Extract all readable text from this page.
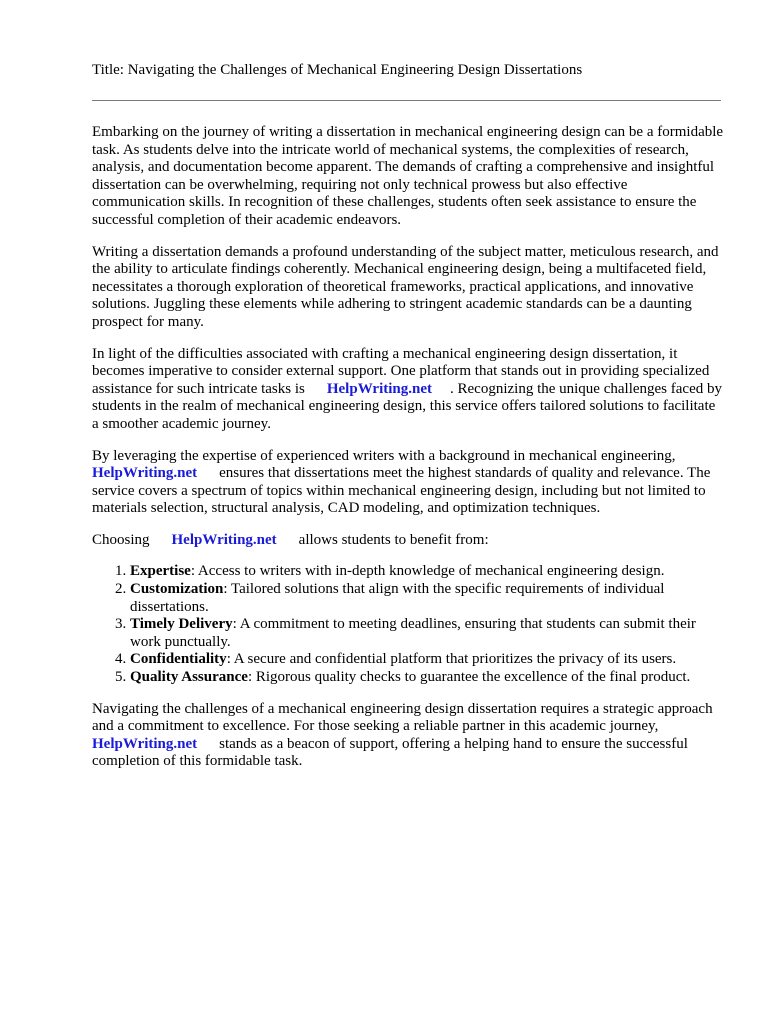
Title: Navigating the Challenges of Mechanical Engineering Design Dissertations

Embarking on the journey of writing a dissertation in mechanical engineering design can be a formidable task. As students delve into the intricate world of mechanical systems, the complexities of research, analysis, and documentation become apparent. The demands of crafting a comprehensive and insightful dissertation can be overwhelming, requiring not only technical prowess but also effective communication skills. In recognition of these challenges, students often seek assistance to ensure the successful completion of their academic endeavors.

Writing a dissertation demands a profound understanding of the subject matter, meticulous research, and the ability to articulate findings coherently. Mechanical engineering design, being a multifaceted field, necessitates a thorough exploration of theoretical frameworks, practical applications, and innovative solutions. Juggling these elements while adhering to stringent academic standards can be a daunting prospect for many.

In light of the difficulties associated with crafting a mechanical engineering design dissertation, it becomes imperative to consider external support. One platform that stands out in providing specialized assistance for such intricate tasks is HelpWriting.net . Recognizing the unique challenges faced by students in the realm of mechanical engineering design, this service offers tailored solutions to facilitate a smoother academic journey.

By leveraging the expertise of experienced writers with a background in mechanical engineering, HelpWriting.net ensures that dissertations meet the highest standards of quality and relevance. The service covers a spectrum of topics within mechanical engineering design, including but not limited to materials selection, structural analysis, CAD modeling, and optimization techniques.

Choosing HelpWriting.net allows students to benefit from:

1. Expertise: Access to writers with in-depth knowledge of mechanical engineering design.
2. Customization: Tailored solutions that align with the specific requirements of individual dissertations.
3. Timely Delivery: A commitment to meeting deadlines, ensuring that students can submit their work punctually.
4. Confidentiality: A secure and confidential platform that prioritizes the privacy of its users.
5. Quality Assurance: Rigorous quality checks to guarantee the excellence of the final product.

Navigating the challenges of a mechanical engineering design dissertation requires a strategic approach and a commitment to excellence. For those seeking a reliable partner in this academic journey,HelpWriting.net stands as a beacon of support, offering a helping hand to ensure the successful completion of this formidable task.
